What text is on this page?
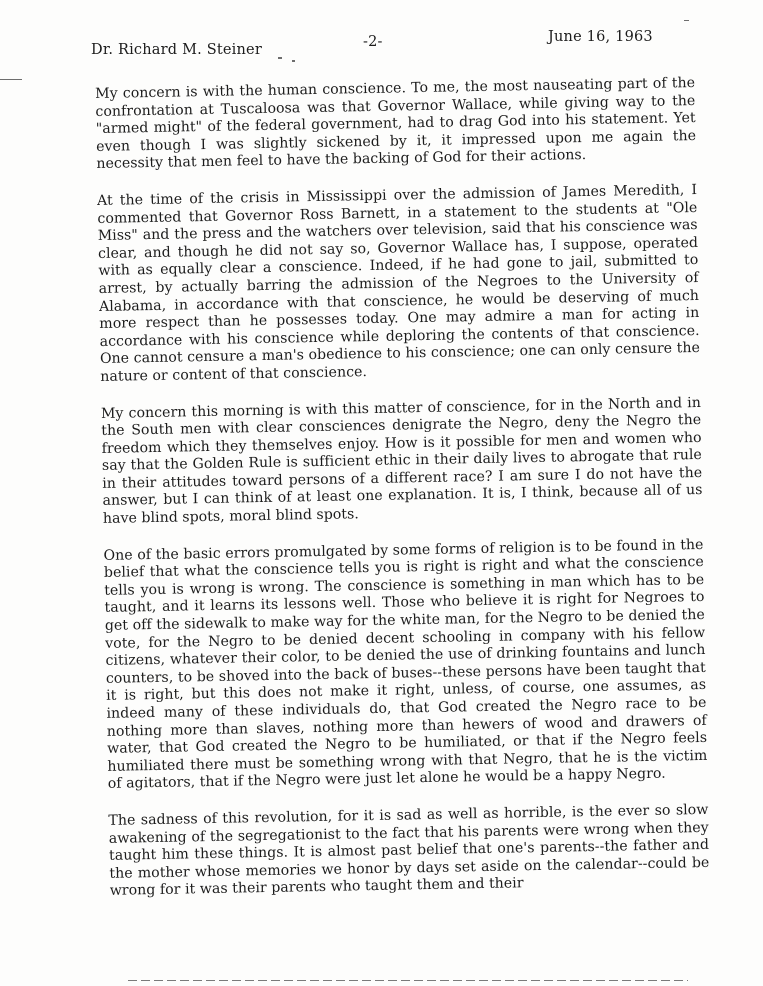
Dr. Richard M. Steiner	-2-	June 16, 1963

My concern is with the human conscience. To me, the most nauseating part of the confrontation at Tuscaloosa was that Governor Wallace, while giving way to the "armed might" of the federal government, had to drag God into his statement. Yet even though I was slightly sickened by it, it impressed upon me again the necessity that men feel to have the backing of God for their actions.

At the time of the crisis in Mississippi over the admission of James Meredith, I commented that Governor Ross Barnett, in a statement to the students at "Ole Miss" and the press and the watchers over television, said that his conscience was clear, and though he did not say so, Governor Wallace has, I suppose, operated with as equally clear a conscience. Indeed, if he had gone to jail, submitted to arrest, by actually barring the admission of the Negroes to the University of Alabama, in accordance with that conscience, he would be deserving of much more respect than he possesses today. One may admire a man for acting in accordance with his conscience while deploring the contents of that conscience. One cannot censure a man's obedience to his conscience; one can only censure the nature or content of that conscience.

My concern this morning is with this matter of conscience, for in the North and in the South men with clear consciences denigrate the Negro, deny the Negro the freedom which they themselves enjoy. How is it possible for men and women who say that the Golden Rule is sufficient ethic in their daily lives to abrogate that rule in their attitudes toward persons of a different race? I am sure I do not have the answer, but I can think of at least one explanation. It is, I think, because all of us have blind spots, moral blind spots.

One of the basic errors promulgated by some forms of religion is to be found in the belief that what the conscience tells you is right is right and what the conscience tells you is wrong is wrong. The conscience is something in man which has to be taught, and it learns its lessons well. Those who believe it is right for Negroes to get off the sidewalk to make way for the white man, for the Negro to be denied the vote, for the Negro to be denied decent schooling in company with his fellow citizens, whatever their color, to be denied the use of drinking fountains and lunch counters, to be shoved into the back of buses--these persons have been taught that it is right, but this does not make it right, unless, of course, one assumes, as indeed many of these individuals do, that God created the Negro race to be nothing more than slaves, nothing more than hewers of wood and drawers of water, that God created the Negro to be humiliated, or that if the Negro feels humiliated there must be something wrong with that Negro, that he is the victim of agitators, that if the Negro were just let alone he would be a happy Negro.

The sadness of this revolution, for it is sad as well as horrible, is the ever so slow awakening of the segregationist to the fact that his parents were wrong when they taught him these things. It is almost past belief that one's parents--the father and the mother whose memories we honor by days set aside on the calendar--could be wrong for it was their parents who taught them and their
